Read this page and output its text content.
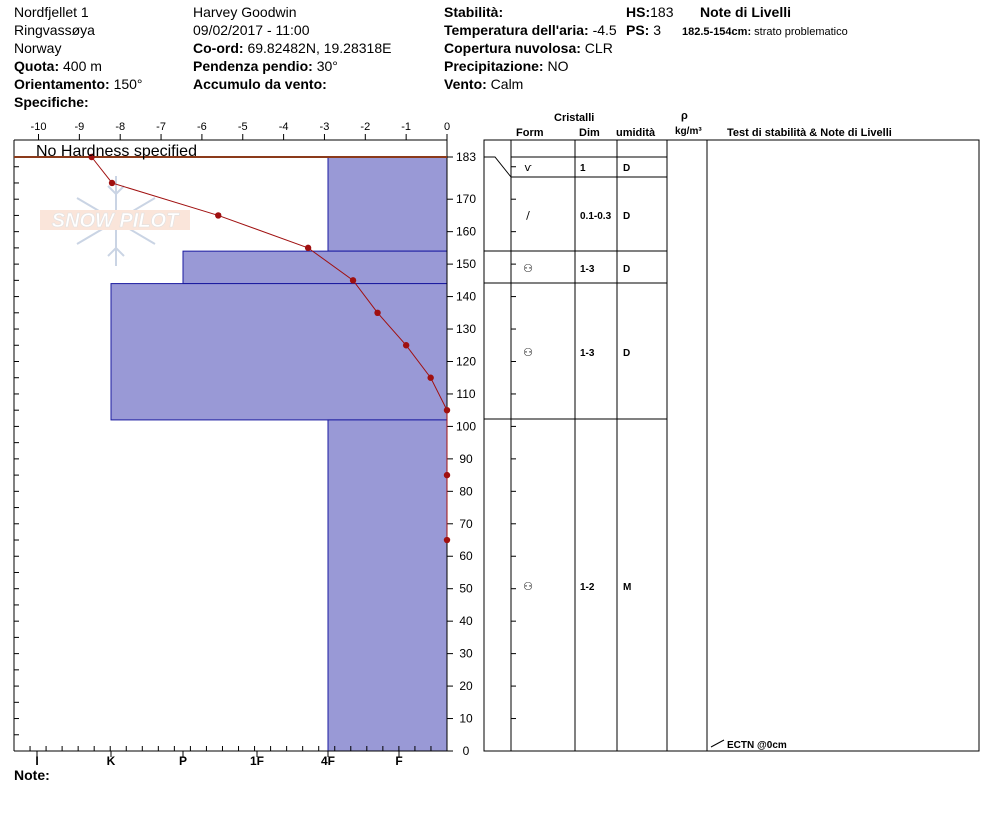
Nordfjellet 1
Ringvassøya
Norway
Quota: 400 m
Orientamento: 150°
Specifiche:
Harvey Goodwin
09/02/2017 - 11:00
Co-ord: 69.82482N, 19.28318E
Pendenza pendio: 30°
Accumulo da vento:
Stabilità:
Temperatura dell'aria: -4.5
Copertura nuvolosa: CLR
Precipitazione: NO
Vento: Calm
HS:183
PS: 3
Note di Livelli
182.5-154cm: strato problematico
Cristalli
Form	Dim umidità
ρ
kg/m³ Test di stabilità & Note di Livelli
SNOW PILOT
-10	-9	-8	-7	-6	-5	-4	-3	-2	-1	0
I	K	P	1F	4F	F
0
10
20
30
40
50
60
70
80
90
100
110
120
130
140
150
160
170
183
ѵ	1	D
/	0.1-0.3 D
⚇	1-3	D
⚇	1-3	D
⚇	1-2	M
No Hardness specified
Note:
ECTN @0cm
